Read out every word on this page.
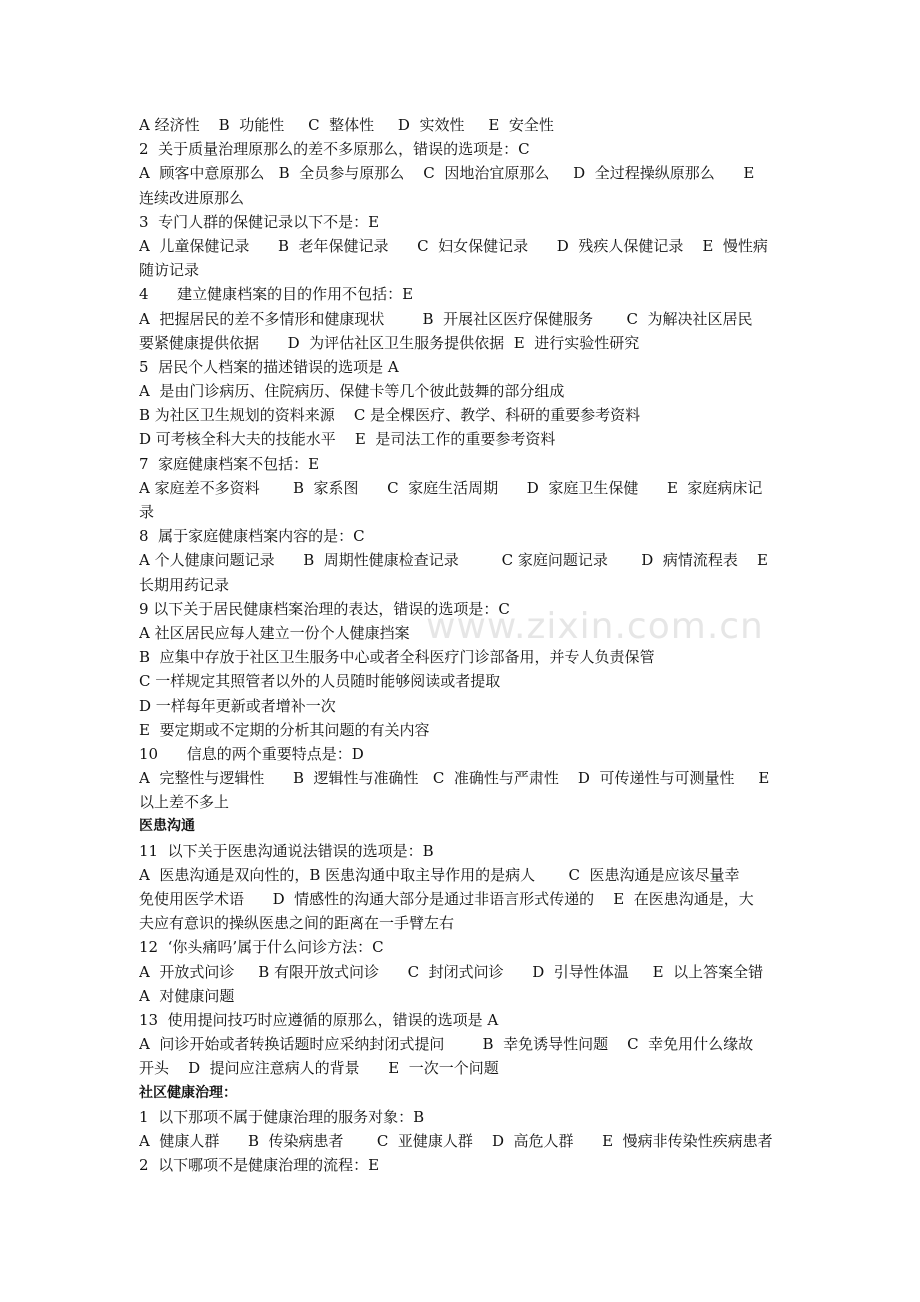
www.zixin.com.cn
A 经济性    B  功能性     C  整体性     D  实效性     E  安全性
2  关于质量治理原那么的差不多原那么，错误的选项是：C
A  顾客中意原那么   B  全员参与原那么    C  因地治宜原那么     D  全过程操纵原那么      E
连续改进原那么
3  专门人群的保健记录以下不是：E
A  儿童保健记录      B  老年保健记录      C  妇女保健记录      D  残疾人保健记录    E  慢性病
随访记录
4      建立健康档案的目的作用不包括：E
A  把握居民的差不多情形和健康现状        B  开展社区医疗保健服务       C  为解决社区居民
要紧健康提供依据      D  为评估社区卫生服务提供依据  E  进行实验性研究
5  居民个人档案的描述错误的选项是 A
A  是由门诊病历、住院病历、保健卡等几个彼此鼓舞的部分组成
B 为社区卫生规划的资料来源    C 是全棵医疗、教学、科研的重要参考资料
D 可考核全科大夫的技能水平    E  是司法工作的重要参考资料
7  家庭健康档案不包括：E
A 家庭差不多资料       B  家系图      C  家庭生活周期      D  家庭卫生保健      E  家庭病床记
录
8  属于家庭健康档案内容的是：C
A 个人健康问题记录      B  周期性健康检查记录         C 家庭问题记录       D  病情流程表    E
长期用药记录
9 以下关于居民健康档案治理的表达，错误的选项是：C
A 社区居民应每人建立一份个人健康挡案
B  应集中存放于社区卫生服务中心或者全科医疗门诊部备用，并专人负责保管
C 一样规定其照管者以外的人员随时能够阅读或者提取
D 一样每年更新或者增补一次
E  要定期或不定期的分析其问题的有关内容
10      信息的两个重要特点是：D
A  完整性与逻辑性      B  逻辑性与准确性   C  准确性与严肃性    D  可传递性与可测量性     E
以上差不多上
医患沟通
11  以下关于医患沟通说法错误的选项是：B
A  医患沟通是双向性的，B 医患沟通中取主导作用的是病人       C  医患沟通是应该尽量幸
免使用医学术语      D  情感性的沟通大部分是通过非语言形式传递的    E  在医患沟通是，大
夫应有意识的操纵医患之间的距离在一手臂左右
12  ‘你头痛吗’属于什么问诊方法：C
A  开放式问诊     B 有限开放式问诊      C  封闭式问诊      D  引导性体温     E  以上答案全错
A  对健康问题
13  使用提问技巧时应遵循的原那么，错误的选项是 A
A  问诊开始或者转换话题时应采纳封闭式提问        B  幸免诱导性问题    C  幸免用什么缘故
开头    D  提问应注意病人的背景      E  一次一个问题
社区健康治理：
1  以下那项不属于健康治理的服务对象：B
A  健康人群      B  传染病患者       C  亚健康人群    D  高危人群      E  慢病非传染性疾病患者
2  以下哪项不是健康治理的流程：E
